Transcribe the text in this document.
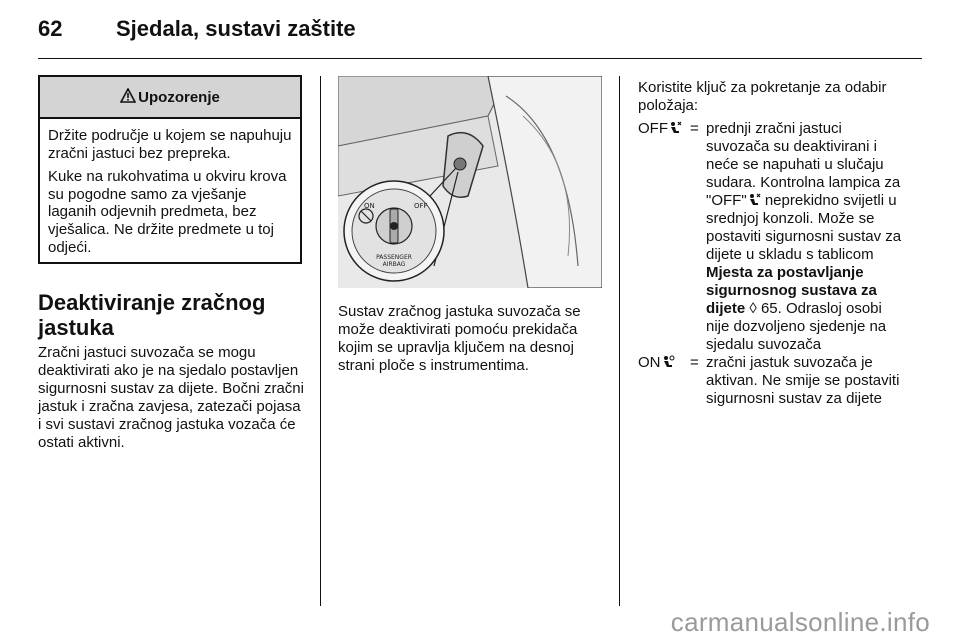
62 Sjedala, sustavi zaštite
Upozorenje

Držite područje u kojem se napuhuju zračni jastuci bez prepreka.

Kuke na rukohvatima u okviru krova su pogodne samo za vješanje laganih odjevnih predmeta, bez vješalica. Ne držite predmete u toj odjeći.

Deaktiviranje zračnog jastuka
Zračni jastuci suvozača se mogu deaktivirati ako je na sjedalo postavljen sigurnosni sustav za dijete. Bočni zračni jastuk i zračna zavjesa, zatezači pojasa i svi sustavi zračnog jastuka vozača će ostati aktivni.
ON	OFF
PASSENGER
AIRBAG
Sustav zračnog jastuka suvozača se može deaktivirati pomoću prekidača kojim se upravlja ključem na desnoj strani ploče s instrumentima.
Koristite ključ za pokretanje za odabir položaja:
OFF	= prednji zračni jastuci suvozača su deaktivirani i neće se napuhati u slučaju sudara. Kontrolna lampica za "OFF" neprekidno svijetli u srednjoj konzoli. Može se postaviti sigurnosni sustav za dijete u skladu s tablicom Mjesta za postavljanje sigurnosnog sustava za dijete ◊ 65. Odrasloj osobi nije dozvoljeno sjedenje na sjedalu suvozača
ON	= zračni jastuk suvozača je aktivan. Ne smije se postaviti sigurnosni sustav za dijete
carmanualsonline.info
